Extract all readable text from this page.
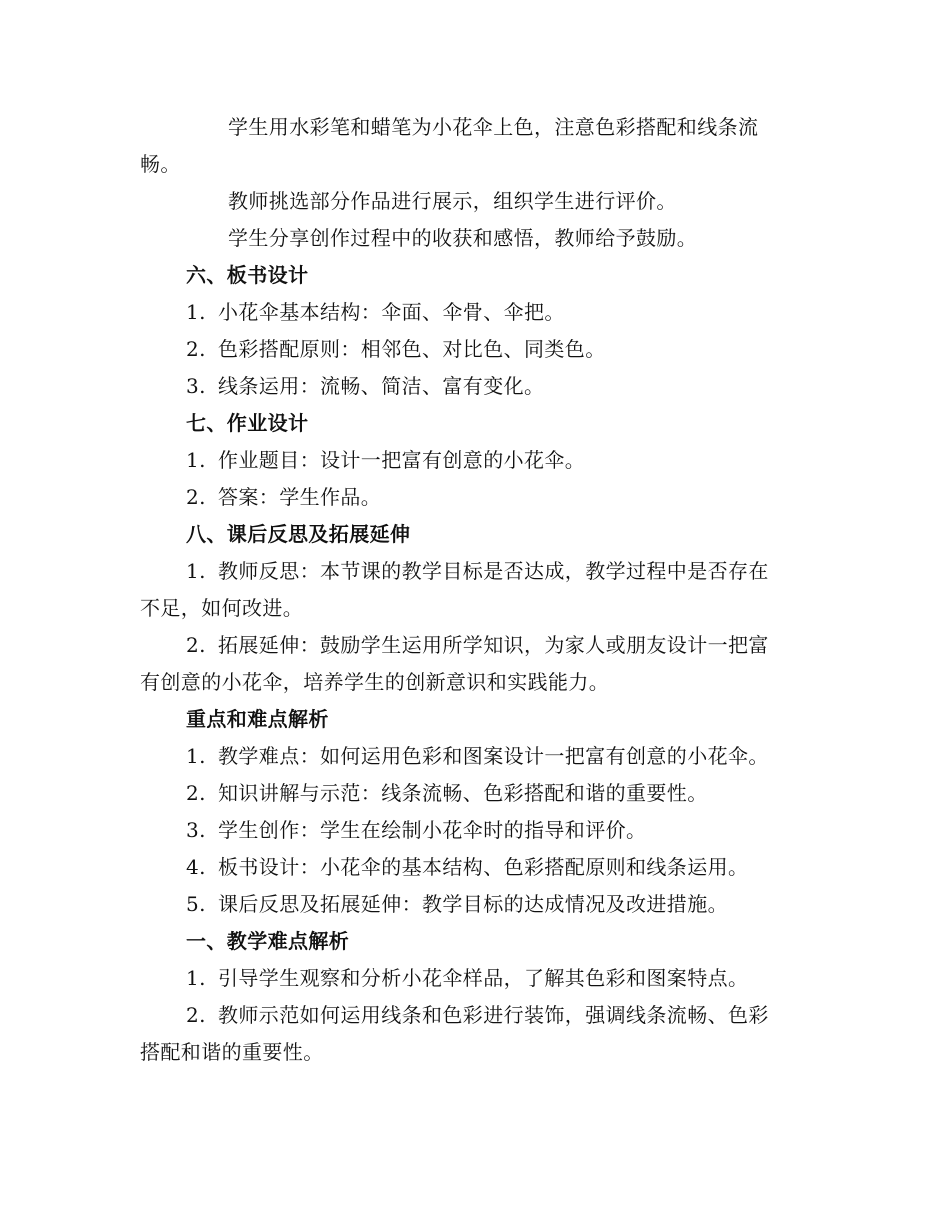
学生用水彩笔和蜡笔为小花伞上色，注意色彩搭配和线条流
畅。
教师挑选部分作品进行展示，组织学生进行评价。
学生分享创作过程中的收获和感悟，教师给予鼓励。
六、板书设计
1. 小花伞基本结构：伞面、伞骨、伞把。
2. 色彩搭配原则：相邻色、对比色、同类色。
3. 线条运用：流畅、简洁、富有变化。
七、作业设计
1. 作业题目：设计一把富有创意的小花伞。
2. 答案：学生作品。
八、课后反思及拓展延伸
1. 教师反思：本节课的教学目标是否达成，教学过程中是否存在
不足，如何改进。
2. 拓展延伸：鼓励学生运用所学知识，为家人或朋友设计一把富
有创意的小花伞，培养学生的创新意识和实践能力。
重点和难点解析
1. 教学难点：如何运用色彩和图案设计一把富有创意的小花伞。
2. 知识讲解与示范：线条流畅、色彩搭配和谐的重要性。
3. 学生创作：学生在绘制小花伞时的指导和评价。
4. 板书设计：小花伞的基本结构、色彩搭配原则和线条运用。
5. 课后反思及拓展延伸：教学目标的达成情况及改进措施。
一、教学难点解析
1. 引导学生观察和分析小花伞样品，了解其色彩和图案特点。
2. 教师示范如何运用线条和色彩进行装饰，强调线条流畅、色彩
搭配和谐的重要性。
